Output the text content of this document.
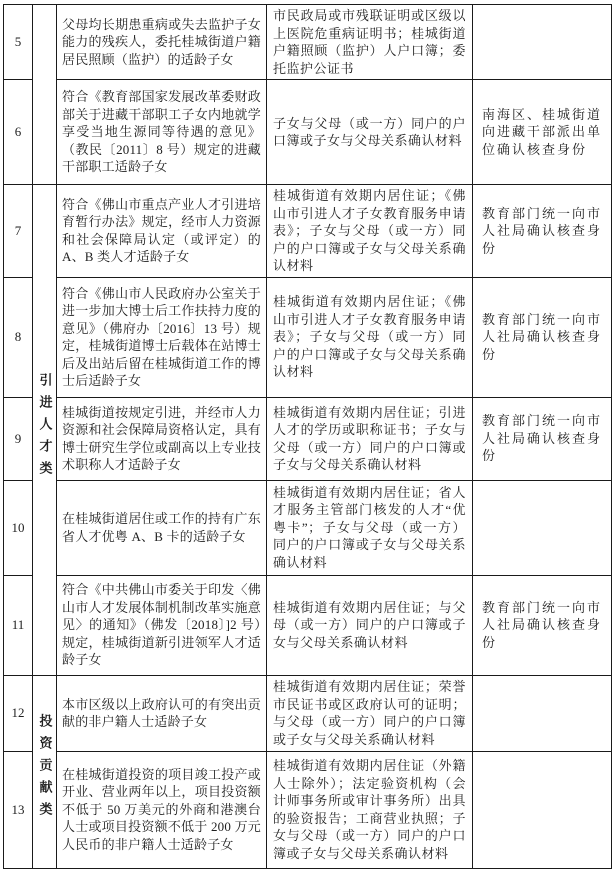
5		父母均长期患重病或失去监护子女能力的残疾人，委托桂城街道户籍居民照顾（监护）的适龄子女	市民政局或市残联证明或区级以上医院危重病证明书；桂城街道户籍照顾（监护）人户口簿；委托监护公证书	
6		符合《教育部国家发展改革委财政部关于进藏干部职工子女内地就学享受当地生源同等待遇的意见》（教民〔2011〕8 号）规定的进藏干部职工适龄子女	子女与父母（或一方）同户的户口簿或子女与父母关系确认材料	南海区、桂城街道向进藏干部派出单位确认核查身份
7	引进人才类	符合《佛山市重点产业人才引进培育暂行办法》规定，经市人力资源和社会保障局认定（或评定）的 A、B 类人才适龄子女	桂城街道有效期内居住证；《佛山市引进人才子女教育服务申请表》；子女与父母（或一方）同户的户口簿或子女与父母关系确认材料	教育部门统一向市人社局确认核查身份
8		符合《佛山市人民政府办公室关于进一步加大博士后工作扶持力度的意见》（佛府办〔2016〕13 号）规定，桂城街道博士后载体在站博士后及出站后留在桂城街道工作的博士后适龄子女	桂城街道有效期内居住证；《佛山市引进人才子女教育服务申请表》；子女与父母（或一方）同户的户口簿或子女与父母关系确认材料	教育部门统一向市人社局确认核查身份
9		桂城街道按规定引进，并经市人力资源和社会保障局资格认定，具有博士研究生学位或副高以上专业技术职称人才适龄子女	桂城街道有效期内居住证；引进人才的学历或职称证书；子女与父母（或一方）同户的户口簿或子女与父母关系确认材料	教育部门统一向市人社局确认核查身份
10		在桂城街道居住或工作的持有广东省人才优粤 A、B 卡的适龄子女	桂城街道有效期内居住证；省人才服务主管部门核发的人才“优粤卡”；子女与父母（或一方）同户的户口簿或子女与父母关系确认材料	
11		符合《中共佛山市委关于印发〈佛山市人才发展体制机制改革实施意见〉的通知》（佛发〔2018〕]2 号）规定，桂城街道新引进领军人才适龄子女	桂城街道有效期内居住证；与父母（或一方）同户的户口簿或子女与父母关系确认材料	教育部门统一向市人社局确认核查身份
12	投资贡献类	本市区级以上政府认可的有突出贡献的非户籍人士适龄子女	桂城街道有效期内居住证；荣誉市民证书或区政府认可的证明；与父母（或一方）同户的户口簿或子女与父母关系确认材料	
13		在桂城街道投资的项目竣工投产或开业、营业两年以上，项目投资额不低于 50 万美元的外商和港澳台人士或项目投资额不低于 200 万元人民币的非户籍人士适龄子女	桂城街道有效期内居住证（外籍人士除外）；法定验资机构（会计师事务所或审计事务所）出具的验资报告；工商营业执照；子女与父母（或一方）同户的户口簿或子女与父母关系确认材料	
